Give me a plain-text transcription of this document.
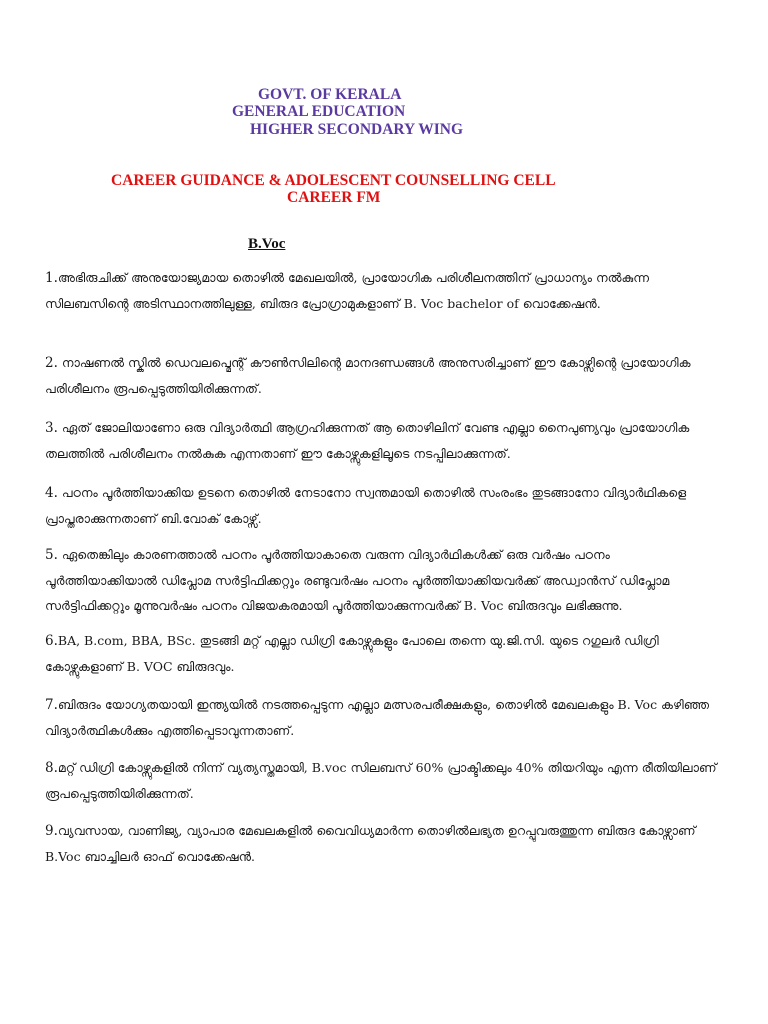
GOVT. OF KERALA

GENERAL EDUCATION

HIGHER SECONDARY WING

CAREER GUIDANCE & ADOLESCENT COUNSELLING CELL

CAREER FM

B.Voc

1.അഭിരുചിക്ക് അനുയോജ്യമായ തൊഴിൽ മേഖലയിൽ, പ്രായോഗിക പരിശീലനത്തിന് പ്രാധാന്യം നൽകുന്ന സിലബസിന്റെ അടിസ്ഥാനത്തിലുള്ള, ബിരുദ പ്രോഗ്രാമുകളാണ് B. Voc bachelor of വൊക്കേഷൻ.

2. നാഷണൽ സ്കിൽ ഡെവലപ്മെന്റ് കൗൺസിലിന്റെ മാനദണ്ഡങ്ങൾ അനുസരിച്ചാണ് ഈ കോഴ്സിന്റെ പ്രായോഗിക പരിശീലനം രൂപപ്പെടുത്തിയിരിക്കുന്നത്.

3. ഏത് ജോലിയാണോ ഒരു വിദ്യാർത്ഥി ആഗ്രഹിക്കുന്നത് ആ തൊഴിലിന് വേണ്ട എല്ലാ നൈപുണ്യവും പ്രായോഗിക തലത്തിൽ പരിശീലനം നൽകുക എന്നതാണ് ഈ കോഴ്സുകളിലൂടെ നടപ്പിലാക്കുന്നത്.

4. പഠനം പൂർത്തിയാക്കിയ ഉടനെ തൊഴിൽ നേടാനോ സ്വന്തമായി തൊഴിൽ സംരംഭം തുടങ്ങാനോ വിദ്യാർഥികളെ പ്രാപ്തരാക്കുന്നതാണ് ബി.വോക് കോഴ്സ്.

5. ഏതെങ്കിലും കാരണത്താൽ പഠനം പൂർത്തിയാകാതെ വരുന്ന വിദ്യാർഥികൾക്ക് ഒരു വർഷം പഠനം പൂർത്തിയാക്കിയാൽ ഡിപ്ലോമ സർട്ടിഫിക്കറ്റും രണ്ടുവർഷം പഠനം പൂർത്തിയാക്കിയവർക്ക് അഡ്വാൻസ് ഡിപ്ലോമ സർട്ടിഫിക്കറ്റും മൂന്നുവർഷം പഠനം വിജയകരമായി പൂർത്തിയാക്കുന്നവർക്ക് B. Voc ബിരുദവും ലഭിക്കുന്നു.

6.BA, B.com, BBA, BSc. തുടങ്ങി മറ്റ് എല്ലാ ഡിഗ്രി കോഴ്സുകളും പോലെ തന്നെ യു.ജി.സി. യുടെ റഗുലർ ഡിഗ്രി കോഴ്സുകളാണ് B. VOC ബിരുദവും.

7.ബിരുദം യോഗ്യതയായി ഇന്ത്യയിൽ നടത്തപ്പെടുന്ന എല്ലാ മത്സരപരീക്ഷകളും, തൊഴിൽ മേഖലകളും B. Voc കഴിഞ്ഞ വിദ്യാർത്ഥികൾക്കും എത്തിപ്പെടാവുന്നതാണ്.

8.മറ്റ് ഡിഗ്രി കോഴ്സുകളിൽ നിന്ന് വ്യത്യസ്തമായി, B.voc സിലബസ് 60% പ്രാക്ടിക്കലും 40% തിയറിയും എന്ന രീതിയിലാണ് രൂപപ്പെടുത്തിയിരിക്കുന്നത്.

9.വ്യവസായ, വാണിജ്യ, വ്യാപാര മേഖലകളിൽ വൈവിധ്യമാർന്ന തൊഴിൽലഭ്യത ഉറപ്പുവരുത്തുന്ന ബിരുദ കോഴ്സാണ് B.Voc ബാച്ചിലർ ഓഫ് വൊക്കേഷൻ.
